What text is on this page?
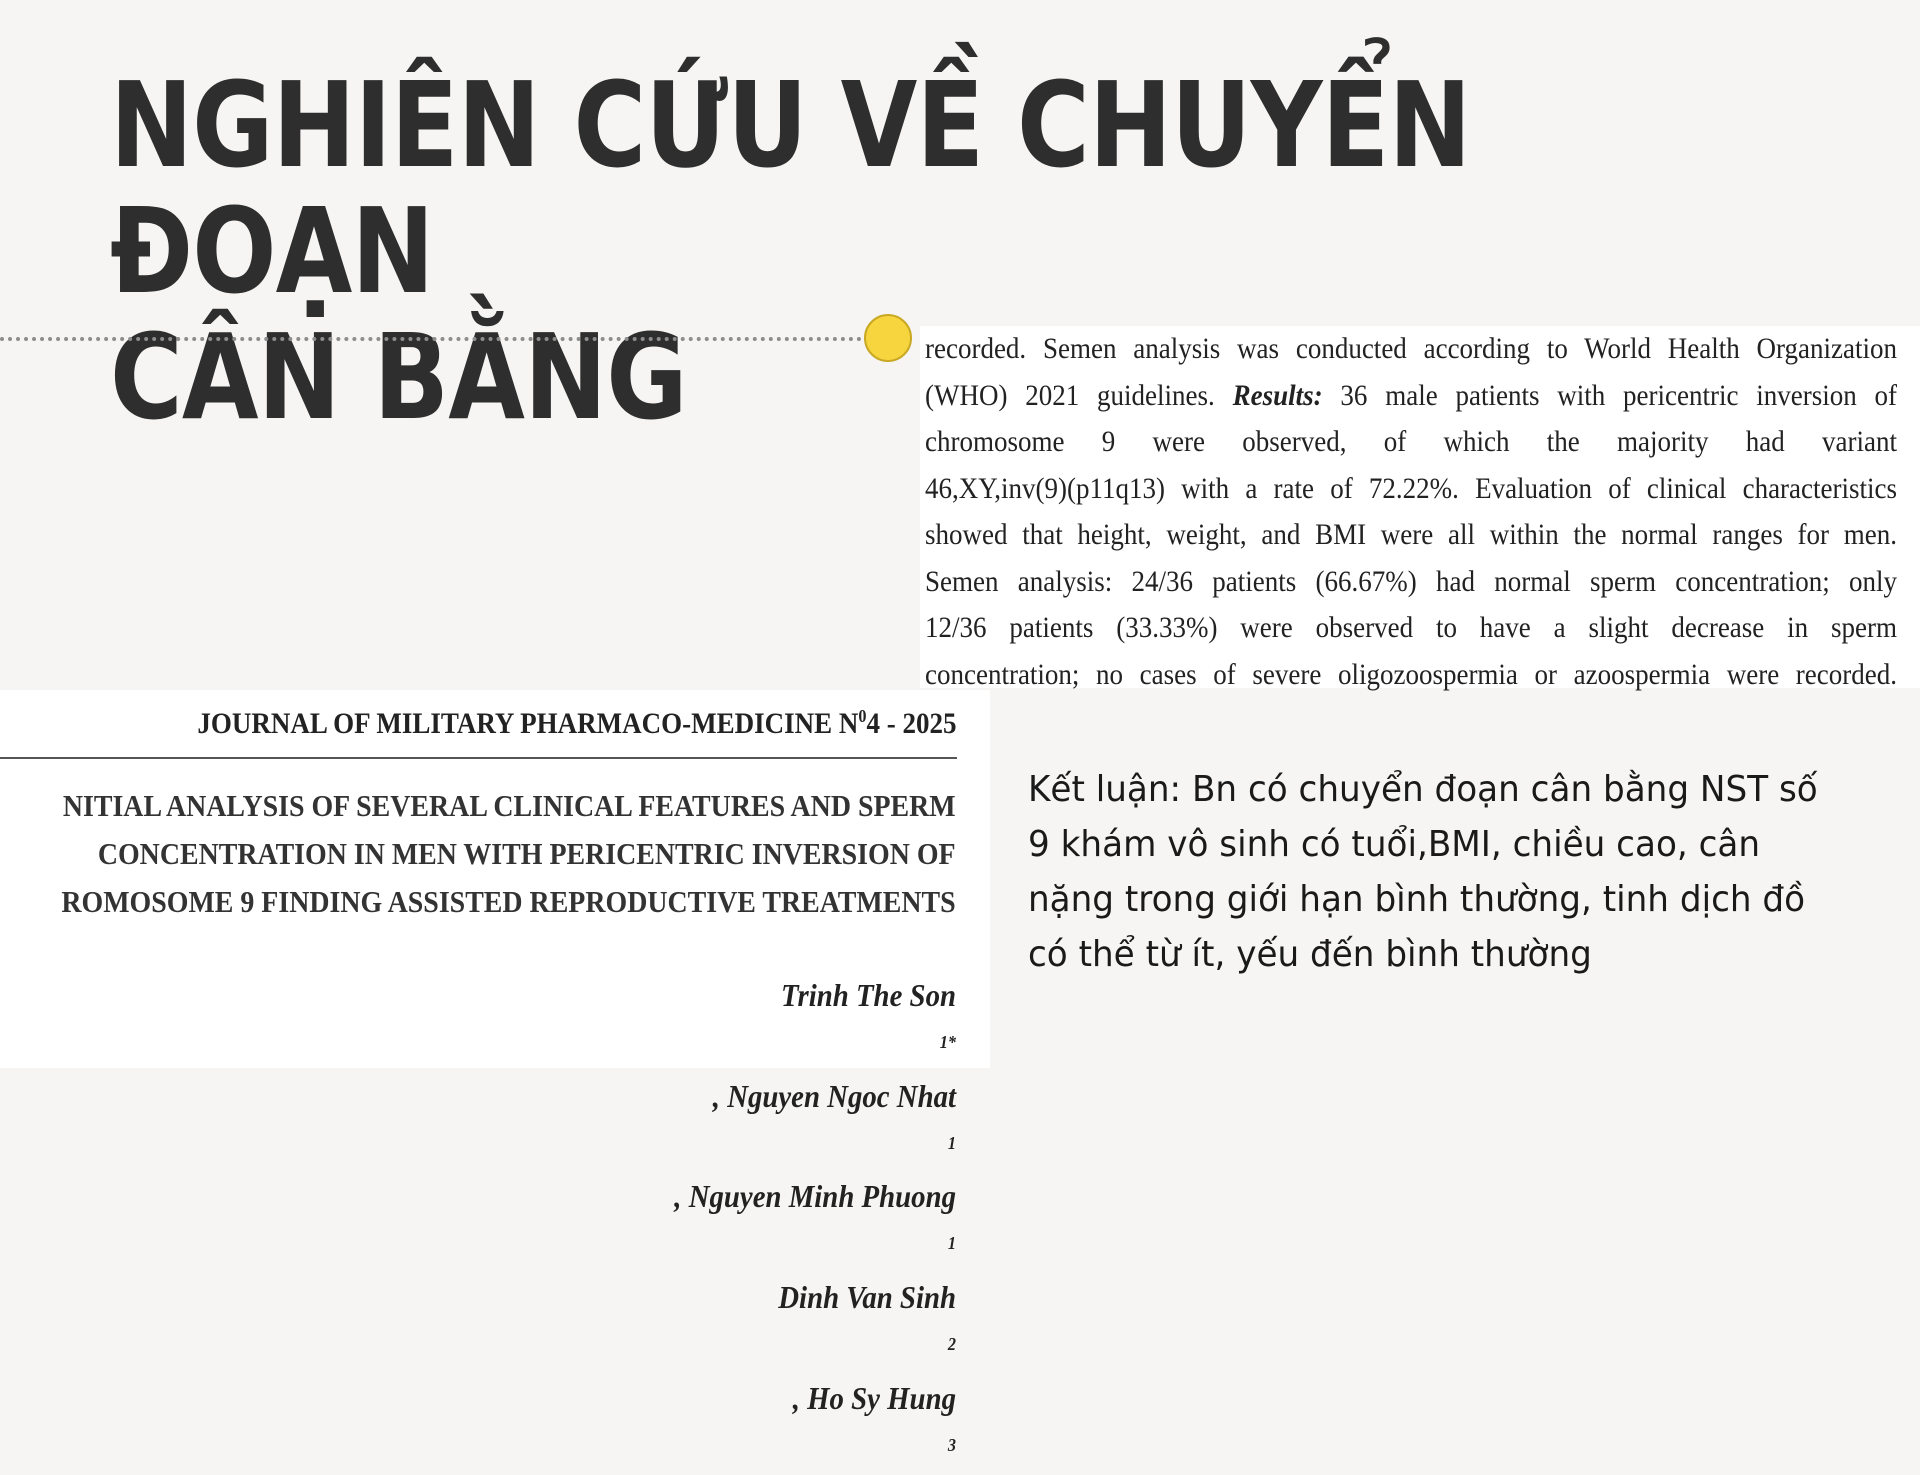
NGHIÊN CỨU VỀ CHUYỂN ĐOẠN
CÂN BẰNG	recorded. Semen analysis was conducted according to World Health Organization
(WHO) 2021 guidelines. Results: 36 male patients with pericentric inversion of
chromosome 9 were observed, of which the majority had variant
46,XY,inv(9)(p11q13) with a rate of 72.22%. Evaluation of clinical characteristics
showed that height, weight, and BMI were all within the normal ranges for men.
Semen analysis: 24/36 patients (66.67%) had normal sperm concentration; only
12/36 patients (33.33%) were observed to have a slight decrease in sperm
concentration; no cases of severe oligozoospermia or azoospermia were recorded.

JOURNAL OF MILITARY PHARMACO-MEDICINE $N^04 - 2025$

NITIAL ANALYSIS OF SEVERAL CLINICAL FEATURES AND SPERM
CONCENTRATION IN MEN WITH PERICENTRIC INVERSION OF
ROMOSOME 9 FINDING ASSISTED REPRODUCTIVE TREATMENTS

Trinh The Son
$^{1*}$
, Nguyen Ngoc Nhat
$^1$
, Nguyen Minh Phuong
$^1$
Dinh Van Sinh
$^2$
, Ho Sy Hung
$^3$

Kết luận: Bn có chuyển đoạn cân bằng NST số
9 khám vô sinh có tuổi,BMI, chiều cao, cân
nặng trong giới hạn bình thường, tinh dịch đồ
có thể từ ít, yếu đến bình thường
